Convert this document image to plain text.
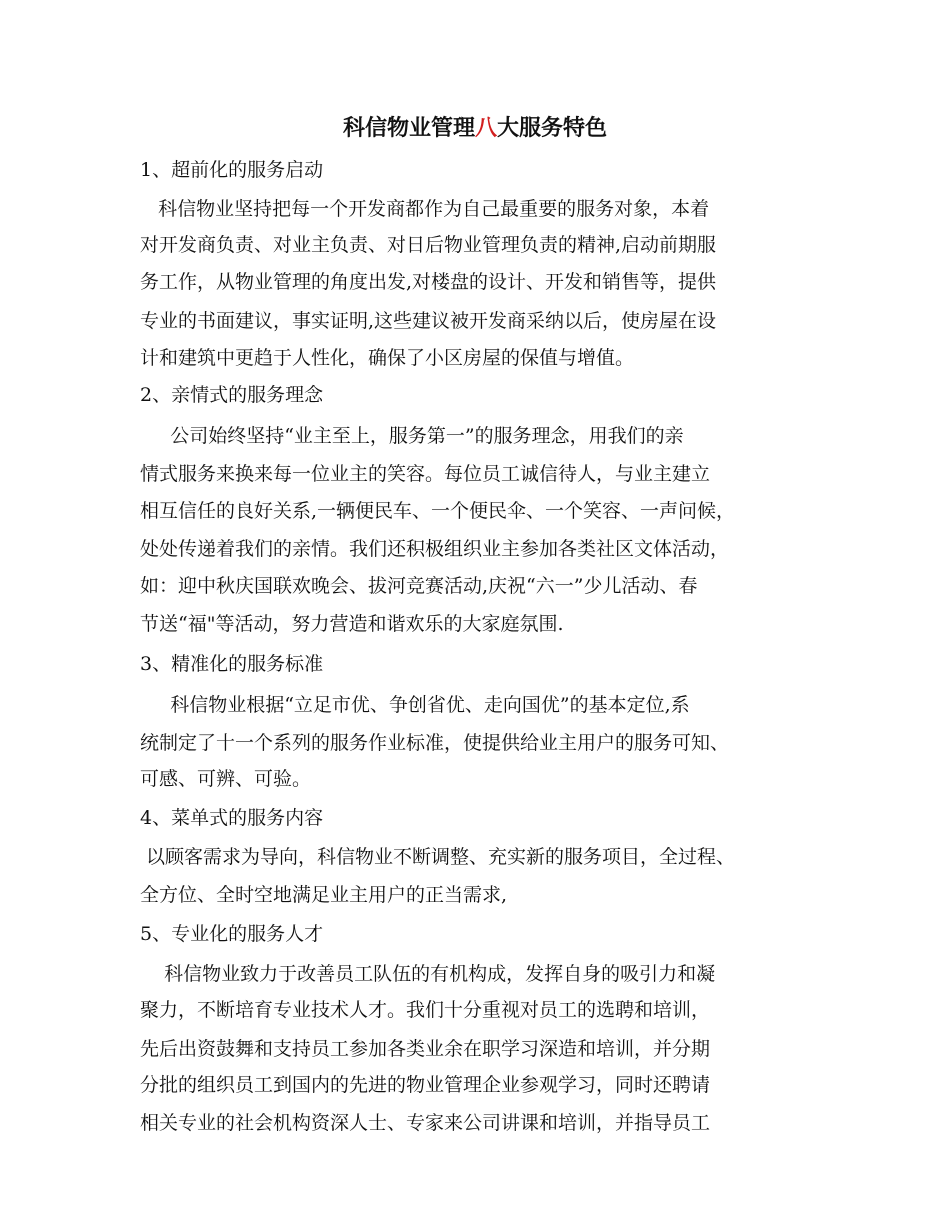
科信物业管理八大服务特色
1、超前化的服务启动
科信物业坚持把每一个开发商都作为自己最重要的服务对象，本着
对开发商负责、对业主负责、对日后物业管理负责的精神,启动前期服
务工作，从物业管理的角度出发,对楼盘的设计、开发和销售等，提供
专业的书面建议，事实证明,这些建议被开发商采纳以后，使房屋在设
计和建筑中更趋于人性化，确保了小区房屋的保值与增值。
2、亲情式的服务理念
公司始终坚持“业主至上，服务第一”的服务理念，用我们的亲
情式服务来换来每一位业主的笑容。每位员工诚信待人，与业主建立
相互信任的良好关系,一辆便民车、一个便民伞、一个笑容、一声问候，
处处传递着我们的亲情。我们还积极组织业主参加各类社区文体活动，
如：迎中秋庆国联欢晚会、拔河竞赛活动,庆祝“六一”少儿活动、春
节送“福"等活动，努力营造和谐欢乐的大家庭氛围.
3、精准化的服务标准
科信物业根据“立足市优、争创省优、走向国优”的基本定位,系
统制定了十一个系列的服务作业标准，使提供给业主用户的服务可知、
可感、可辨、可验。
4、菜单式的服务内容
以顾客需求为导向，科信物业不断调整、充实新的服务项目，全过程、
全方位、全时空地满足业主用户的正当需求,
5、专业化的服务人才
科信物业致力于改善员工队伍的有机构成，发挥自身的吸引力和凝
聚力，不断培育专业技术人才。我们十分重视对员工的选聘和培训，
先后出资鼓舞和支持员工参加各类业余在职学习深造和培训，并分期
分批的组织员工到国内的先进的物业管理企业参观学习，同时还聘请
相关专业的社会机构资深人士、专家来公司讲课和培训，并指导员工
